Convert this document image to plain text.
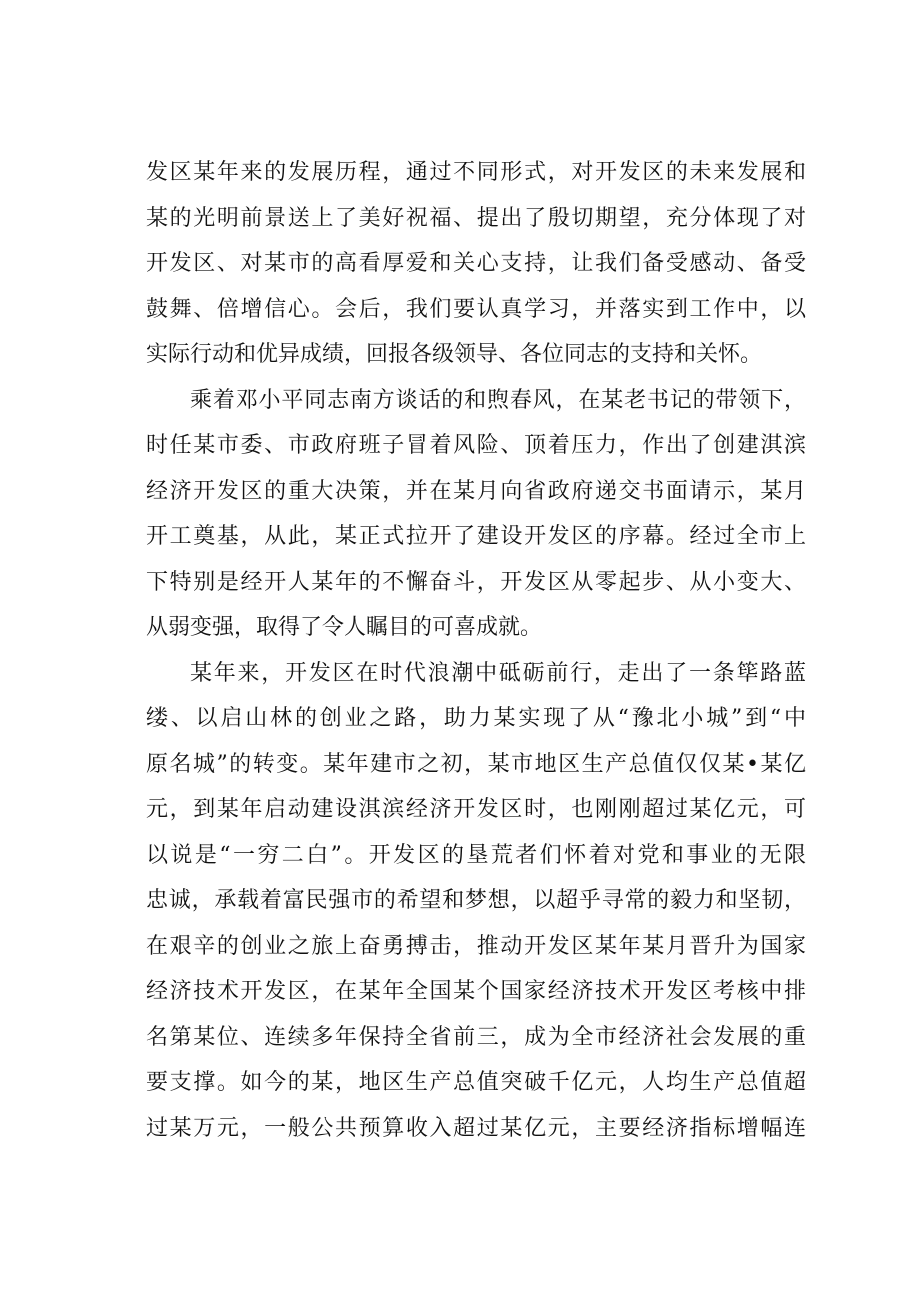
发区某年来的发展历程，通过不同形式，对开发区的未来发展和
某的光明前景送上了美好祝福、提出了殷切期望，充分体现了对
开发区、对某市的高看厚爱和关心支持，让我们备受感动、备受
鼓舞、倍增信心。会后，我们要认真学习，并落实到工作中，以
实际行动和优异成绩，回报各级领导、各位同志的支持和关怀。
乘着邓小平同志南方谈话的和煦春风，在某老书记的带领下，
时任某市委、市政府班子冒着风险、顶着压力，作出了创建淇滨
经济开发区的重大决策，并在某月向省政府递交书面请示，某月
开工奠基，从此，某正式拉开了建设开发区的序幕。经过全市上
下特别是经开人某年的不懈奋斗，开发区从零起步、从小变大、
从弱变强，取得了令人瞩目的可喜成就。
某年来，开发区在时代浪潮中砥砺前行，走出了一条筚路蓝
缕、以启山林的创业之路，助力某实现了从“豫北小城”到“中
原名城”的转变。某年建市之初，某市地区生产总值仅仅某•某亿
元，到某年启动建设淇滨经济开发区时，也刚刚超过某亿元，可
以说是“一穷二白”。开发区的垦荒者们怀着对党和事业的无限
忠诚，承载着富民强市的希望和梦想，以超乎寻常的毅力和坚韧，
在艰辛的创业之旅上奋勇搏击，推动开发区某年某月晋升为国家
经济技术开发区，在某年全国某个国家经济技术开发区考核中排
名第某位、连续多年保持全省前三，成为全市经济社会发展的重
要支撑。如今的某，地区生产总值突破千亿元，人均生产总值超
过某万元，一般公共预算收入超过某亿元，主要经济指标增幅连
